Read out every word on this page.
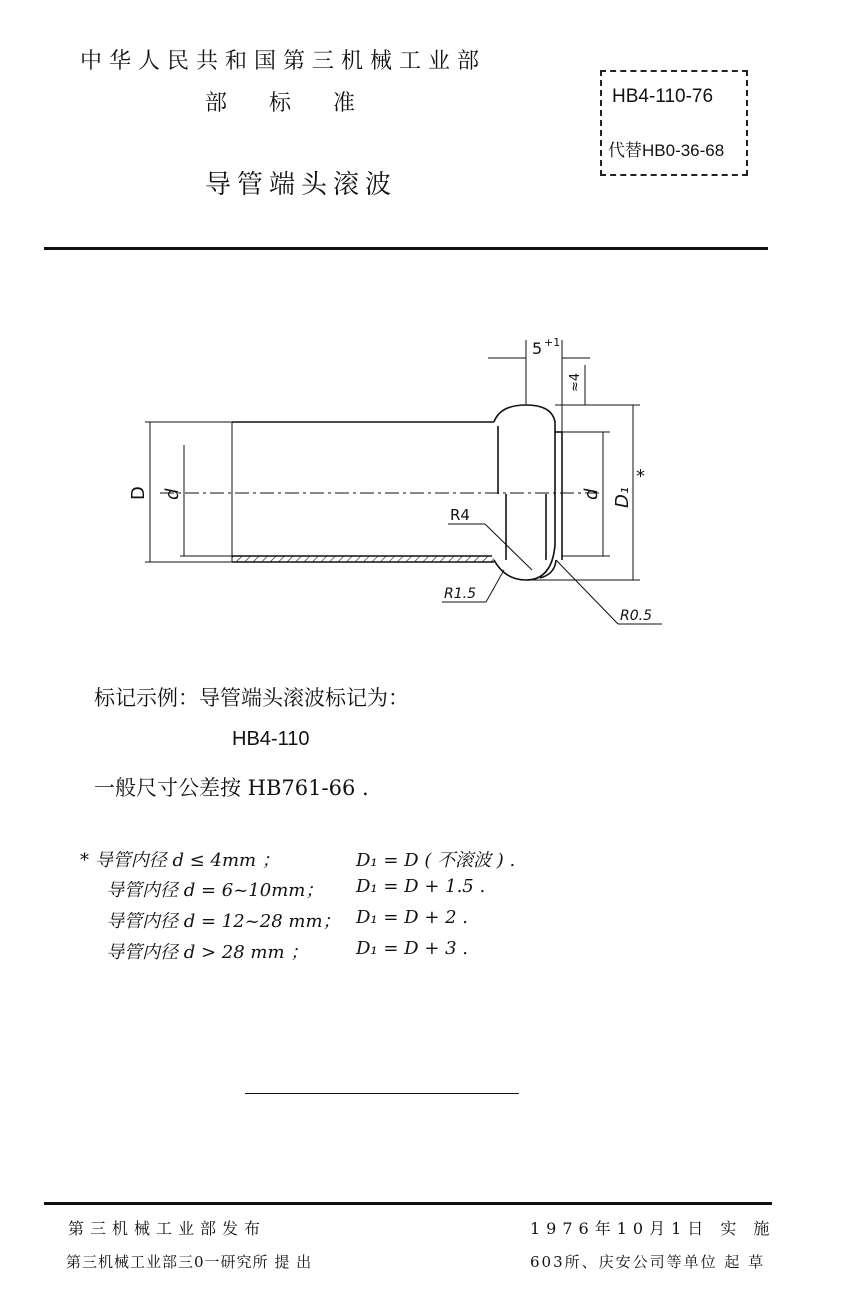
中华人民共和国第三机械工业部
部标准
导管端头滚波
HB4-110-76
代替HB0-36-68
5 +1
≈4
D d	d D₁
*
R4
R1.5
R0.5
标记示例：导管端头滚波标记为：
HB4-110
一般尺寸公差按 HB761-66 .
* 导管内径 d ≤ 4mm ；	D₁ = D ( 不滚波 ) .
导管内径 d = 6~10mm； D₁ = D + 1.5 .
导管内径 d = 12~28 mm； D₁ = D + 2 .
导管内径 d > 28 mm ；	D₁ = D + 3 .
第三机械工业部发布
第三机械工业部三0一研究所 提 出
1976年10月1日 实 施
603所、庆安公司等单位 起 草
